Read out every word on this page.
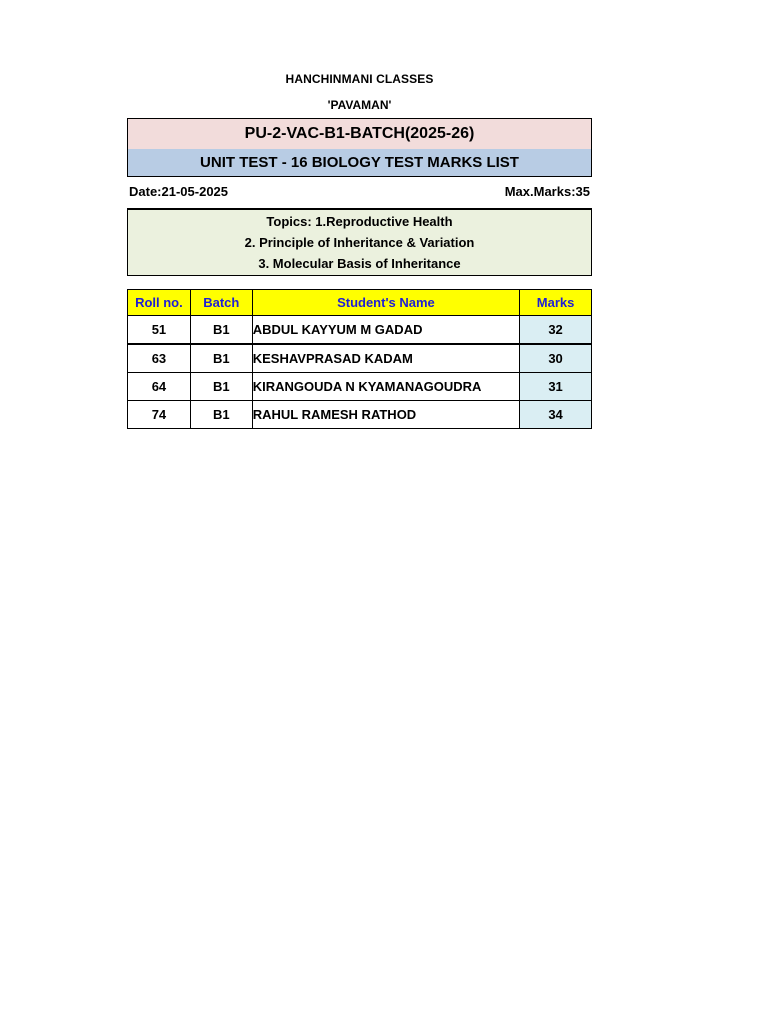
HANCHINMANI CLASSES
'PAVAMAN'
PU-2-VAC-B1-BATCH(2025-26)
UNIT TEST - 16 BIOLOGY TEST MARKS LIST
Date:21-05-2025	Max.Marks:35
Topics: 1.Reproductive Health
2. Principle of Inheritance & Variation
3. Molecular Basis of Inheritance
Roll no.	Batch	Student's Name	Marks
51	B1	ABDUL KAYYUM M GADAD	32
63	B1	KESHAVPRASAD KADAM	30
64	B1	KIRANGOUDA N KYAMANAGOUDRA	31
74	B1	RAHUL RAMESH RATHOD	34
